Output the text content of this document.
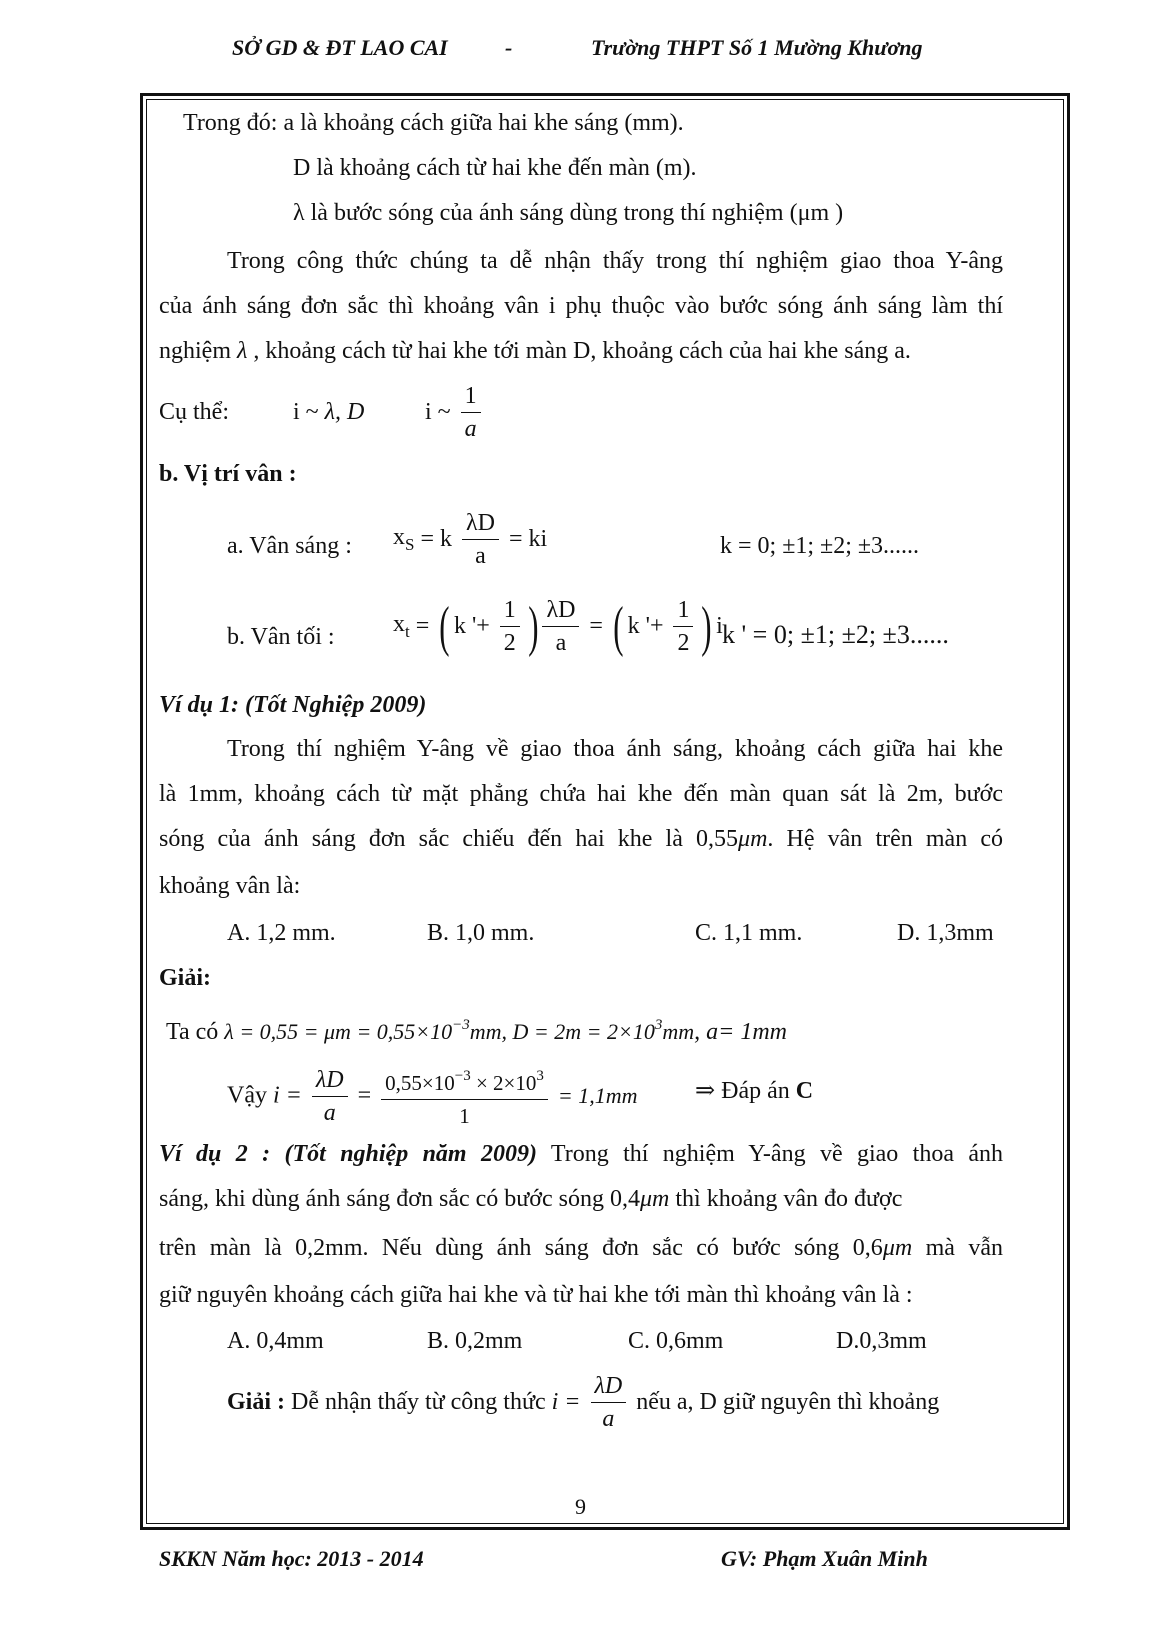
SỞ GD & ĐT LAO CAI	-	Trường THPT Số 1 Mường Khương
Trong đó: a là khoảng cách giữa hai khe sáng (mm).
D là khoảng cách từ hai khe đến màn (m).
λ là bước sóng của ánh sáng dùng trong thí nghiệm (μm )
Trong công thức chúng ta dễ nhận thấy trong thí nghiệm giao thoa Y-âng
của ánh sáng đơn sắc thì khoảng vân i phụ thuộc vào bước sóng ánh sáng làm thí
nghiệm λ , khoảng cách từ hai khe tới màn D, khoảng cách của hai khe sáng a.
Cụ thể:	i ~ λ, D	i ~ $\frac{1}{a}$
b. Vị trí vân :
a. Vân sáng : $x_S = k \frac{\lambda D}{a}$ = ki	k = 0; ±1; ±2; ±3......
b. Vân tối : $x_t$ = ( k '+ $\frac{1}{2}$ ) $\frac{\lambda D}{a}$ = ( k '+ $\frac{1}{2}$ ) i k ' = 0; ±1; ±2; ±3......
Ví dụ 1: (Tốt Nghiệp 2009)
Trong thí nghiệm Y-âng về giao thoa ánh sáng, khoảng cách giữa hai khe
là 1mm, khoảng cách từ mặt phẳng chứa hai khe đến màn quan sát là 2m, bước
sóng của ánh sáng đơn sắc chiếu đến hai khe là 0,55μm. Hệ vân trên màn có
khoảng vân là:
A. 1,2 mm.	B. 1,0 mm.	C. 1,1 mm.	D. 1,3mm
Giải:
Ta có $\lambda = 0,55 = \mu m = 0,55\times 10^{-3}mm$, $D = 2m = 2\times 10^3mm$, a= 1mm
Vậy $i = \frac{\lambda D}{a} = \frac{0,55\times 10^{-3} \times 2\times 10^3}{1} = 1,1mm$ ⇒ Đáp án C
Ví dụ 2 : (Tốt nghiệp năm 2009) Trong thí nghiệm Y-âng về giao thoa ánh
sáng, khi dùng ánh sáng đơn sắc có bước sóng 0,4μm thì khoảng vân đo được
trên màn là 0,2mm. Nếu dùng ánh sáng đơn sắc có bước sóng 0,6μm mà vẫn
giữ nguyên khoảng cách giữa hai khe và từ hai khe tới màn thì khoảng vân là :
A. 0,4mm	B. 0,2mm	C. 0,6mm	D.0,3mm
Giải : Dễ nhận thấy từ công thức $i = \frac{\lambda D}{a}$ nếu a, D giữ nguyên thì khoảng
9
SKKN Năm học: 2013 - 2014	GV: Phạm Xuân Minh
